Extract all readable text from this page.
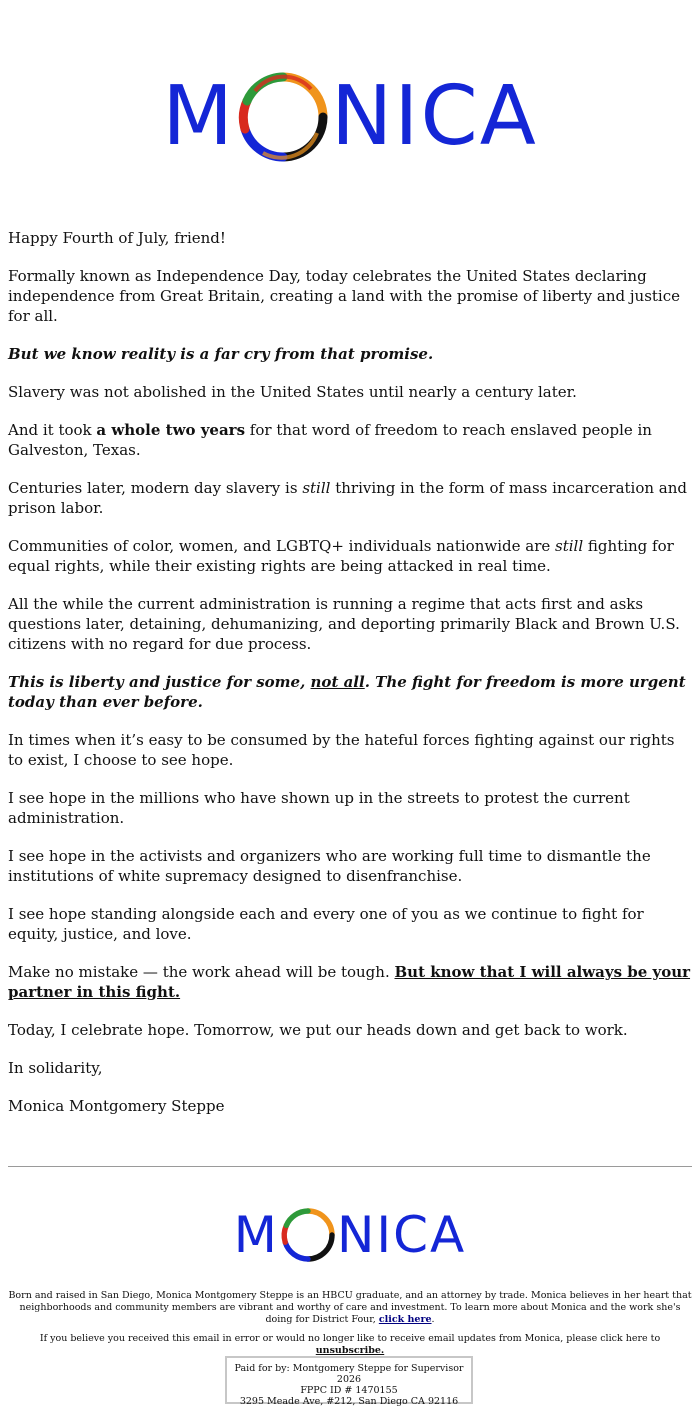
M NICA

Happy Fourth of July, friend!

Formally known as Independence Day, today celebrates the United States declaring independence from Great Britain, creating a land with the promise of liberty and justice for all.

But we know reality is a far cry from that promise.

Slavery was not abolished in the United States until nearly a century later.

And it took a whole two years for that word of freedom to reach enslaved people in Galveston, Texas.

Centuries later, modern day slavery is still thriving in the form of mass incarceration and prison labor.

Communities of color, women, and LGBTQ+ individuals nationwide are still fighting for equal rights, while their existing rights are being attacked in real time.

All the while the current administration is running a regime that acts first and asks questions later, detaining, dehumanizing, and deporting primarily Black and Brown U.S. citizens with no regard for due process.

This is liberty and justice for some, not all. The fight for freedom is more urgent today than ever before.

In times when it’s easy to be consumed by the hateful forces fighting against our rights to exist, I choose to see hope.

I see hope in the millions who have shown up in the streets to protest the current administration.

I see hope in the activists and organizers who are working full time to dismantle the institutions of white supremacy designed to disenfranchise.

I see hope standing alongside each and every one of you as we continue to fight for equity, justice, and love.

Make no mistake — the work ahead will be tough. But know that I will always be your partner in this fight.

Today, I celebrate hope. Tomorrow, we put our heads down and get back to work.

In solidarity,

Monica Montgomery Steppe

M NICA
Born and raised in San Diego, Monica Montgomery Steppe is an HBCU graduate, and an attorney by trade. Monica believes in her heart that neighborhoods and community members are vibrant and worthy of care and investment. To learn more about Monica and the work she's doing for District Four, click here.
If you believe you received this email in error or would no longer like to receive email updates from Monica, please click here to unsubscribe.
Paid for by: Montgomery Steppe for Supervisor 2026
FPPC ID # 1470155
3295 Meade Ave, #212, San Diego CA 92116
